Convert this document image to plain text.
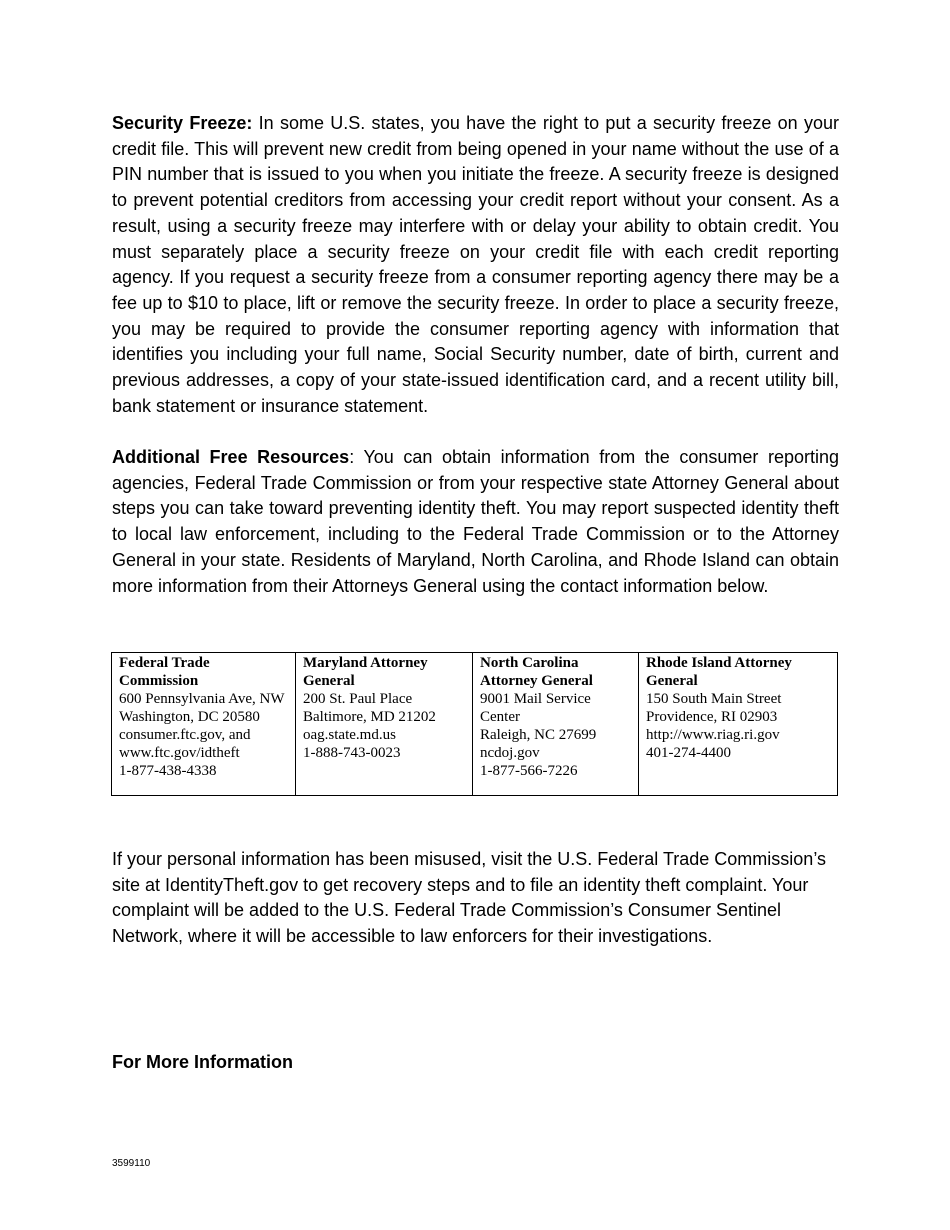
Security Freeze: In some U.S. states, you have the right to put a security freeze on your credit file. This will prevent new credit from being opened in your name without the use of a PIN number that is issued to you when you initiate the freeze. A security freeze is designed to prevent potential creditors from accessing your credit report without your consent. As a result, using a security freeze may interfere with or delay your ability to obtain credit. You must separately place a security freeze on your credit file with each credit reporting agency. If you request a security freeze from a consumer reporting agency there may be a fee up to $10 to place, lift or remove the security freeze. In order to place a security freeze, you may be required to provide the consumer reporting agency with information that identifies you including your full name, Social Security number, date of birth, current and previous addresses, a copy of your state-issued identification card, and a recent utility bill, bank statement or insurance statement.

Additional Free Resources: You can obtain information from the consumer reporting agencies, Federal Trade Commission or from your respective state Attorney General about steps you can take toward preventing identity theft. You may report suspected identity theft to local law enforcement, including to the Federal Trade Commission or to the Attorney General in your state. Residents of Maryland, North Carolina, and Rhode Island can obtain more information from their Attorneys General using the contact information below.

Federal Trade Commission
600 Pennsylvania Ave, NW
Washington, DC 20580
consumer.ftc.gov, and www.ftc.gov/idtheft
1-877-438-4338

Maryland Attorney General
200 St. Paul Place
Baltimore, MD 21202
oag.state.md.us
1-888-743-0023

North Carolina Attorney General
9001 Mail Service Center
Raleigh, NC 27699
ncdoj.gov
1-877-566-7226

Rhode Island Attorney General
150 South Main Street
Providence, RI 02903
http://www.riag.ri.gov
401-274-4400

If your personal information has been misused, visit the U.S. Federal Trade Commission’s site at IdentityTheft.gov to get recovery steps and to file an identity theft complaint. Your complaint will be added to the U.S. Federal Trade Commission’s Consumer Sentinel Network, where it will be accessible to law enforcers for their investigations.

For More Information
3599110
